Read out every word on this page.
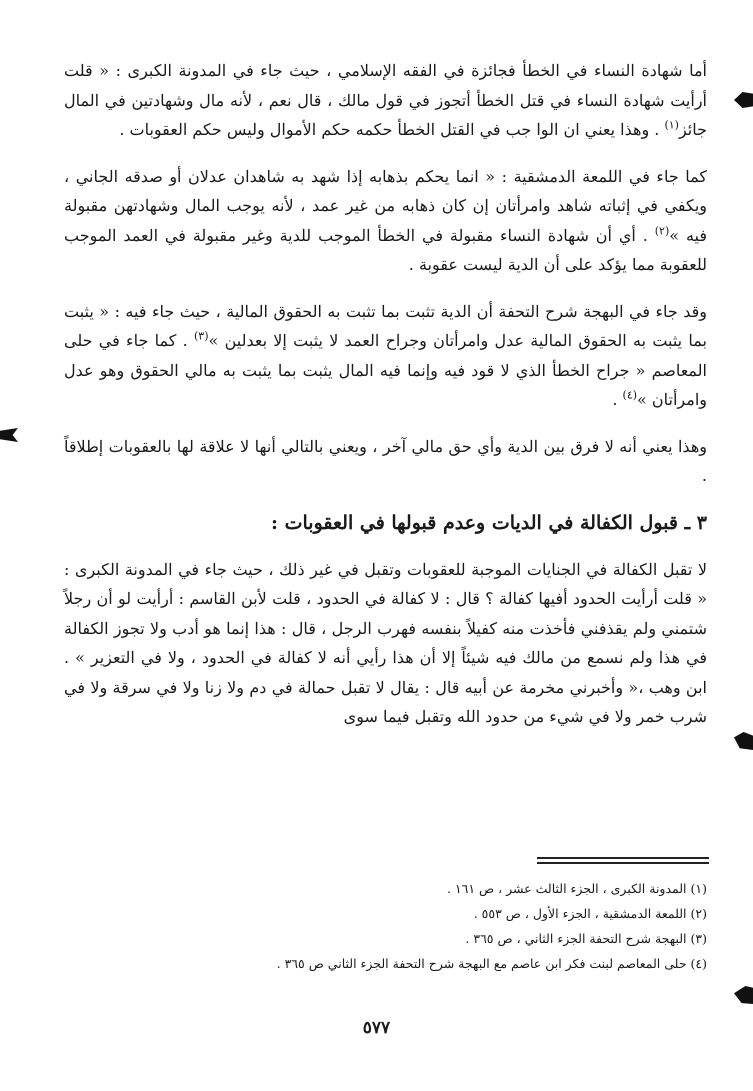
أما شهادة النساء في الخطأ فجائزة في الفقه الإسلامي ، حيث جاء في المدونة الكبرى : « قلت أرأيت شهادة النساء في قتل الخطأ أتجوز في قول مالك ، قال نعم ، لأنه مال وشهادتين في المال جائز$^{(١)}$ . وهذا يعني ان الوا جب في القتل الخطأ حكمه حكم الأموال وليس حكم العقوبات .

كما جاء في اللمعة الدمشقية : « انما يحكم بذهابه إذا شهد به شاهدان عدلان أو صدقه الجاني ، ويكفي في إثباته شاهد وامرأتان إن كان ذهابه من غير عمد ، لأنه يوجب المال وشهادتهن مقبولة فيه »$^{(٢)}$ . أي أن شهادة النساء مقبولة في الخطأ الموجب للدية وغير مقبولة في العمد الموجب للعقوبة مما يؤكد على أن الدية ليست عقوبة .

وقد جاء في البهجة شرح التحفة أن الدية تثبت بما تثبت به الحقوق المالية ، حيث جاء فيه : « يثبت بما يثبت به الحقوق المالية عدل وامرأتان وجراح العمد لا يثبت إلا بعدلين »$^{(٣)}$ . كما جاء في حلى المعاصم « جراح الخطأ الذي لا قود فيه وإنما فيه المال يثبت بما يثبت به مالي الحقوق وهو عدل وامرأتان »$^{(٤)}$ .

وهذا يعني أنه لا فرق بين الدية وأي حق مالي آخر ، ويعني بالتالي أنها لا علاقة لها بالعقوبات إطلاقاً .

٣ ـ قبول الكفالة في الديات وعدم قبولها في العقوبات :

لا تقبل الكفالة في الجنايات الموجبة للعقوبات وتقبل في غير ذلك ، حيث جاء في المدونة الكبرى : « قلت أرأيت الحدود أفيها كفالة ؟ قال : لا كفالة في الحدود ، قلت لأبن القاسم : أرأيت لو أن رجلاً شتمني ولم يقذفني فأخذت منه كفيلاً بنفسه فهرب الرجل ، قال : هذا إنما هو أدب ولا تجوز الكفالة في هذا ولم نسمع من مالك فيه شيئاً إلا أن هذا رأيي أنه لا كفالة في الحدود ، ولا في التعزير » . ابن وهب ،« وأخبرني مخرمة عن أبيه قال : يقال لا تقبل حمالة في دم ولا زنا ولا في سرقة ولا في شرب خمر ولا في شيء من حدود الله وتقبل فيما سوى

(١) المدونة الكبرى ، الجزء الثالث عشر ، ص ١٦١ .

(٢) اللمعة الدمشقية ، الجزء الأول ، ص ٥٥٣ .

(٣) البهجة شرح التحفة الجزء الثاني ، ص ٣٦٥ .

(٤) حلى المعاصم لبنت فكر ابن عاصم مع البهجة شرح التحفة الجزء الثاني ص ٣٦٥ .

٥٧٧
